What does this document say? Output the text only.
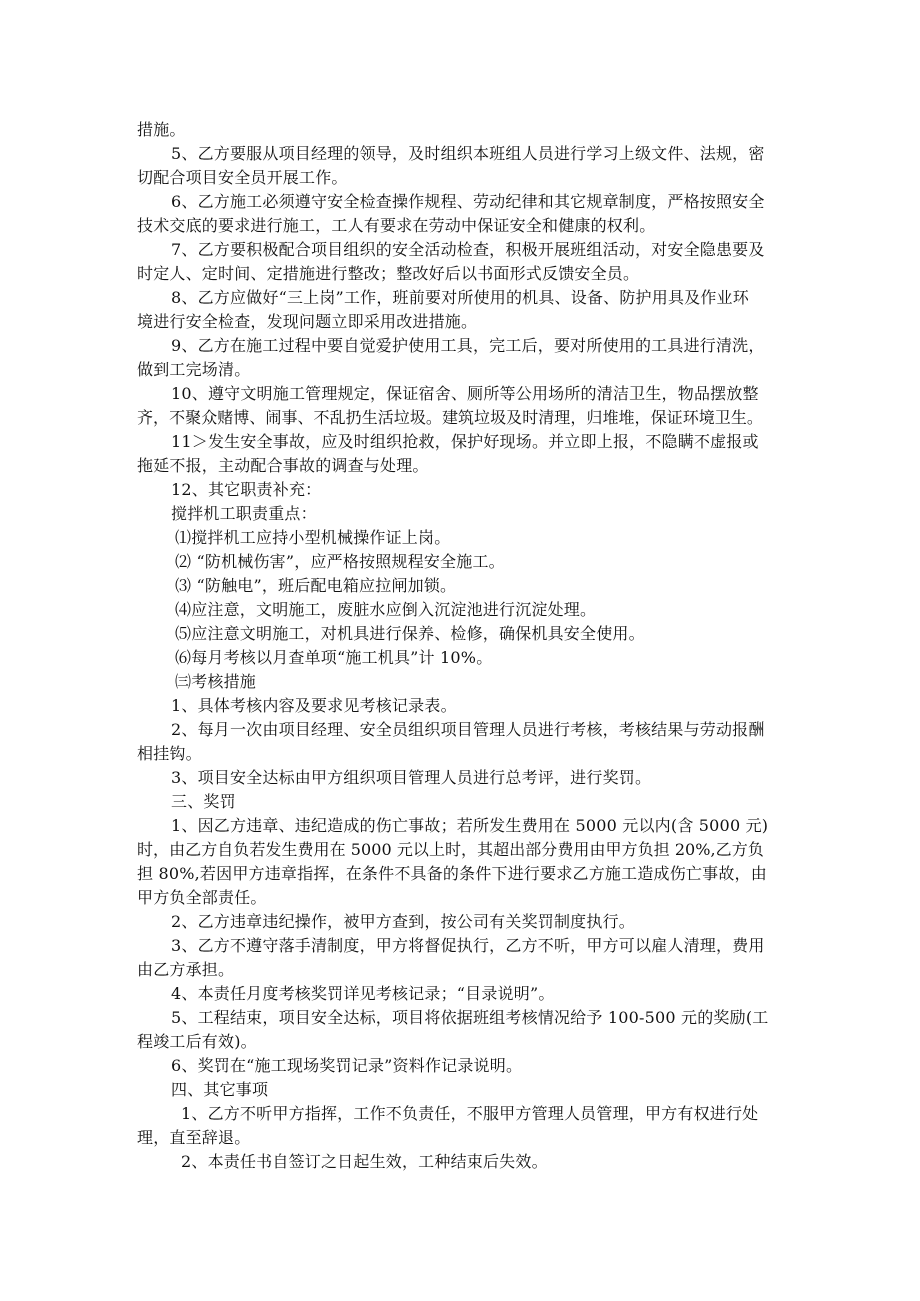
措施。

5、乙方要服从项目经理的领导，及时组织本班组人员进行学习上级文件、法规，密

切配合项目安全员开展工作。

6、乙方施工必须遵守安全检查操作规程、劳动纪律和其它规章制度，严格按照安全

技术交底的要求进行施工，工人有要求在劳动中保证安全和健康的权利。

7、乙方要积极配合项目组织的安全活动检查，积极开展班组活动，对安全隐患要及

时定人、定时间、定措施进行整改；整改好后以书面形式反馈安全员。

8、乙方应做好“三上岗”工作，班前要对所使用的机具、设备、防护用具及作业环

境进行安全检查，发现问题立即采用改进措施。

9、乙方在施工过程中要自觉爱护使用工具，完工后，要对所使用的工具进行清洗，

做到工完场清。

10、遵守文明施工管理规定，保证宿舍、厕所等公用场所的清洁卫生，物品摆放整

齐，不聚众赌博、闹事、不乱扔生活垃圾。建筑垃圾及时清理，归堆堆，保证环境卫生。

11＞发生安全事故，应及时组织抢救，保护好现场。并立即上报，不隐瞒不虚报或

拖延不报，主动配合事故的调查与处理。

12、其它职责补充：

搅拌机工职责重点：

⑴搅拌机工应持小型机械操作证上岗。

⑵ “防机械伤害”，应严格按照规程安全施工。

⑶ “防触电”，班后配电箱应拉闸加锁。

⑷应注意，文明施工，废脏水应倒入沉淀池进行沉淀处理。

⑸应注意文明施工，对机具进行保养、检修，确保机具安全使用。

⑹每月考核以月查单项“施工机具”计 10%。

㈢考核措施

1、具体考核内容及要求见考核记录表。

2、每月一次由项目经理、安全员组织项目管理人员进行考核，考核结果与劳动报酬

相挂钩。

3、项目安全达标由甲方组织项目管理人员进行总考评，进行奖罚。

三、奖罚

1、因乙方违章、违纪造成的伤亡事故；若所发生费用在 5000 元以内(含 5000 元)

时，由乙方自负若发生费用在 5000 元以上时，其超出部分费用由甲方负担 20%,乙方负

担 80%,若因甲方违章指挥，在条件不具备的条件下进行要求乙方施工造成伤亡事故，由

甲方负全部责任。

2、乙方违章违纪操作，被甲方查到，按公司有关奖罚制度执行。

3、乙方不遵守落手清制度，甲方将督促执行，乙方不听，甲方可以雇人清理，费用

由乙方承担。

4、本责任月度考核奖罚详见考核记录；“目录说明”。

5、工程结束，项目安全达标，项目将依据班组考核情况给予 100-500 元的奖励(工

程竣工后有效)。

6、奖罚在“施工现场奖罚记录”资料作记录说明。

四、其它事项

1、乙方不听甲方指挥，工作不负责任，不服甲方管理人员管理，甲方有权进行处

理，直至辞退。

2、本责任书自签订之日起生效，工种结束后失效。
